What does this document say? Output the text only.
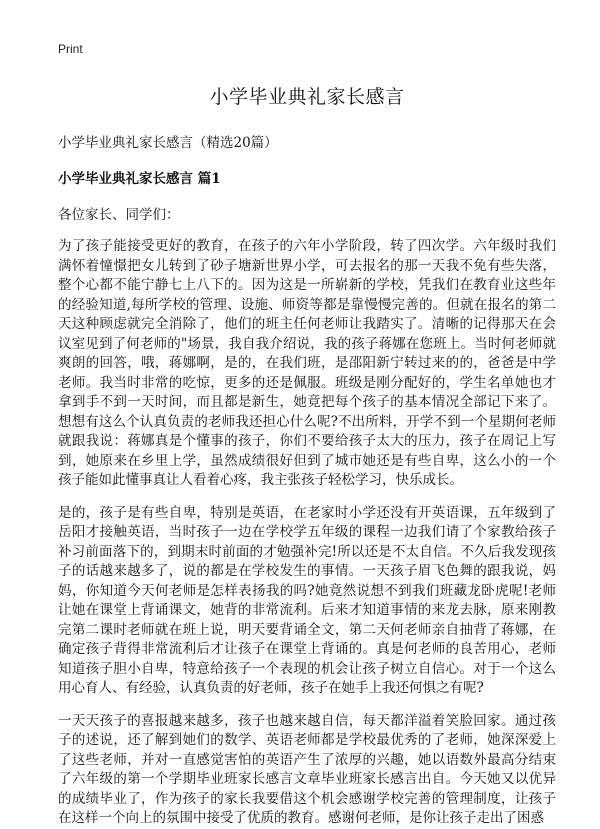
Print
小学毕业典礼家长感言

小学毕业典礼家长感言（精选20篇）

小学毕业典礼家长感言 篇1

各位家长、同学们：

为了孩子能接受更好的教育，在孩子的六年小学阶段，转了四次学。六年级时我们满怀着憧憬把女儿转到了砂子塘新世界小学，可去报名的那一天我不免有些失落，整个心都不能宁静七上八下的。因为这是一所崭新的学校，凭我们在教育业这些年的经验知道,每所学校的管理、设施、师资等都是靠慢慢完善的。但就在报名的第二天这种顾虑就完全消除了，他们的班主任何老师让我踏实了。清晰的记得那天在会议室见到了何老师的"场景，我自我介绍说，我的孩子蒋娜在您班上。当时何老师就爽朗的回答，哦，蒋娜啊，是的，在我们班，是邵阳新宁转过来的的，爸爸是中学老师。我当时非常的吃惊，更多的还是佩服。班级是刚分配好的，学生名单她也才拿到手不到一天时间，而且都是新生，她竟把每个孩子的基本情况全部记下来了。想想有这么个认真负责的老师我还担心什么呢?不出所料，开学不到一个星期何老师就跟我说：蒋娜真是个懂事的孩子，你们不要给孩子太大的压力，孩子在周记上写到，她原来在乡里上学，虽然成绩很好但到了城市她还是有些自卑，这么小的一个孩子能如此懂事真让人看着心疼，我主张孩子轻松学习，快乐成长。

是的，孩子是有些自卑，特别是英语，在老家时小学还没有开英语课，五年级到了岳阳才接触英语，当时孩子一边在学校学五年级的课程一边我们请了个家教给孩子补习前面落下的，到期末时前面的才勉强补完!所以还是不太自信。不久后我发现孩子的话越来越多了，说的都是在学校发生的事情。一天孩子眉飞色舞的跟我说，妈妈，你知道今天何老师是怎样表扬我的吗?她竟然说想不到我们班藏龙卧虎呢!老师让她在课堂上背诵课文，她背的非常流利。后来才知道事情的来龙去脉，原来刚教完第二课时老师就在班上说，明天要背诵全文，第二天何老师亲自抽背了蒋娜，在确定孩子背得非常流利后才让孩子在课堂上背诵的。真是何老师的良苦用心，老师知道孩子胆小自卑，特意给孩子一个表现的机会让孩子树立自信心。对于一个这么用心育人、有经验，认真负责的好老师，孩子在她手上我还何惧之有呢?

一天天孩子的喜报越来越多，孩子也越来越自信，每天都洋溢着笑脸回家。通过孩子的述说，还了解到她们的数学、英语老师都是学校最优秀的了老师，她深深爱上了这些老师，并对一直感觉害怕的英语产生了浓厚的兴趣，她以语数外最高分结束了六年级的第一个学期毕业班家长感言文章毕业班家长感言出自。今天她又以优异的成绩毕业了，作为孩子的家长我要借这个机会感谢学校完善的管理制度，让孩子在这样一个向上的氛围中接受了优质的教育。感谢何老师，是你让孩子走出了困惑
